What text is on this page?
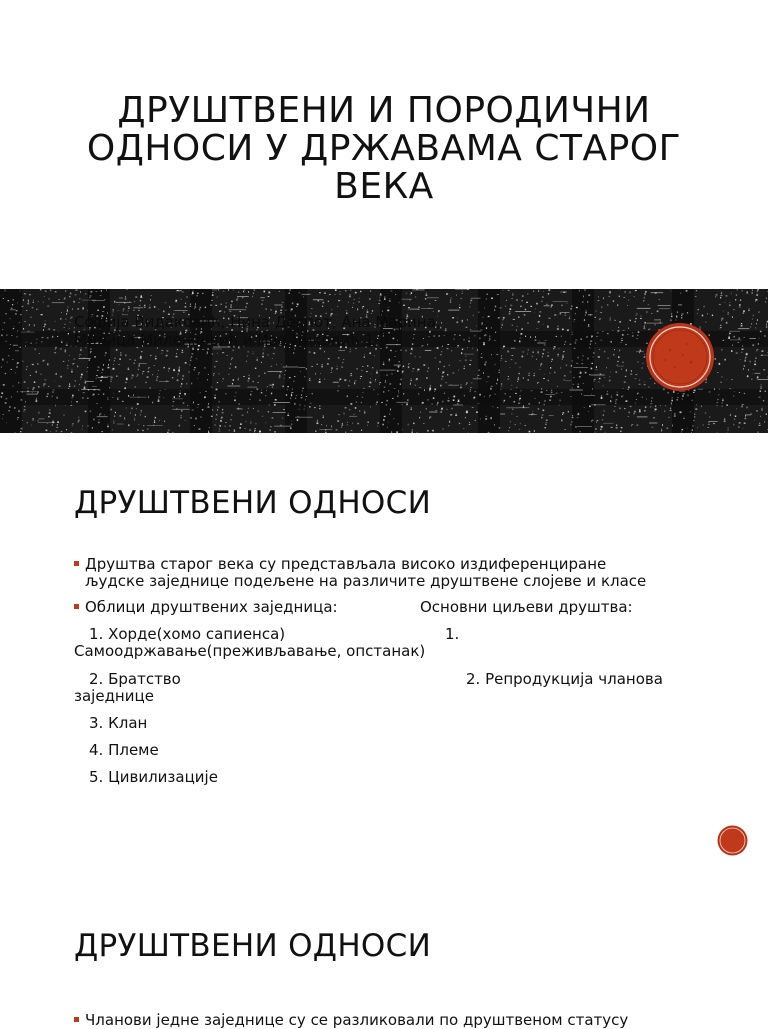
ДРУШТВЕНИ И ПОРОДИЧНИ
ОДНОСИ У ДРЖАВАМА СТАРОГ
ВЕКА
Софија Видаковић, Нина Деспот, Ана Марина,
Милица Миленковић и Ива Николић 1-8
ДРУШТВЕНИ ОДНОСИ
Друштва старог века су представљала високо издиференциране
људске заједнице подељене на различите друштвене слојеве и класе
Облици друштвених заједница:	Основни циљеви друштва:
1. Хорде(хомо сапиенса)	1.
Самоодржавање(преживљавање, опстанак)
2. Братство	2. Репродукција чланова
заједнице
3. Клан
4. Племе
5. Цивилизације
ДРУШТВЕНИ ОДНОСИ
Чланови једне заједнице су се разликовали по друштвеном статусу
